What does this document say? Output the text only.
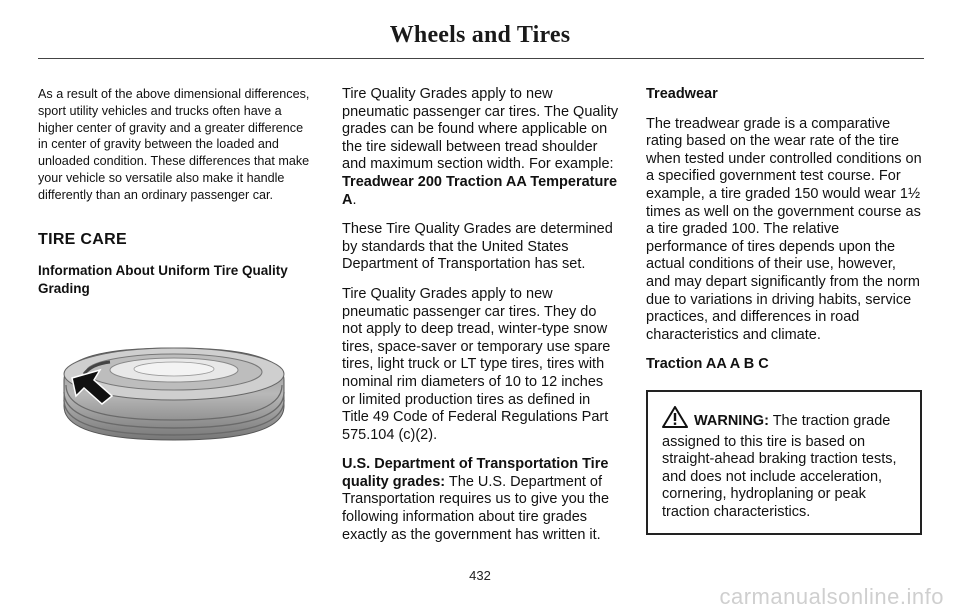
Wheels and Tires

As a result of the above dimensional differences, sport utility vehicles and trucks often have a higher center of gravity and a greater difference in center of gravity between the loaded and unloaded condition. These differences that make your vehicle so versatile also make it handle differently than an ordinary passenger car.

TIRE CARE
Information About Uniform Tire Quality Grading

Tire Quality Grades apply to new pneumatic passenger car tires. The Quality grades can be found where applicable on the tire sidewall between tread shoulder and maximum section width. For example: Treadwear 200 Traction AA Temperature A.

These Tire Quality Grades are determined by standards that the United States Department of Transportation has set.

Tire Quality Grades apply to new pneumatic passenger car tires. They do not apply to deep tread, winter-type snow tires, space-saver or temporary use spare tires, light truck or LT type tires, tires with nominal rim diameters of 10 to 12 inches or limited production tires as defined in Title 49 Code of Federal Regulations Part 575.104 (c)(2).

U.S. Department of Transportation Tire quality grades: The U.S. Department of Transportation requires us to give you the following information about tire grades exactly as the government has written it.

Treadwear

The treadwear grade is a comparative rating based on the wear rate of the tire when tested under controlled conditions on a specified government test course. For example, a tire graded 150 would wear 1½ times as well on the government course as a tire graded 100. The relative performance of tires depends upon the actual conditions of their use, however, and may depart significantly from the norm due to variations in driving habits, service practices, and differences in road characteristics and climate.

Traction AA A B C
WARNING: The traction grade assigned to this tire is based on straight-ahead braking traction tests, and does not include acceleration, cornering, hydroplaning or peak traction characteristics.
432
carmanualsonline.info
